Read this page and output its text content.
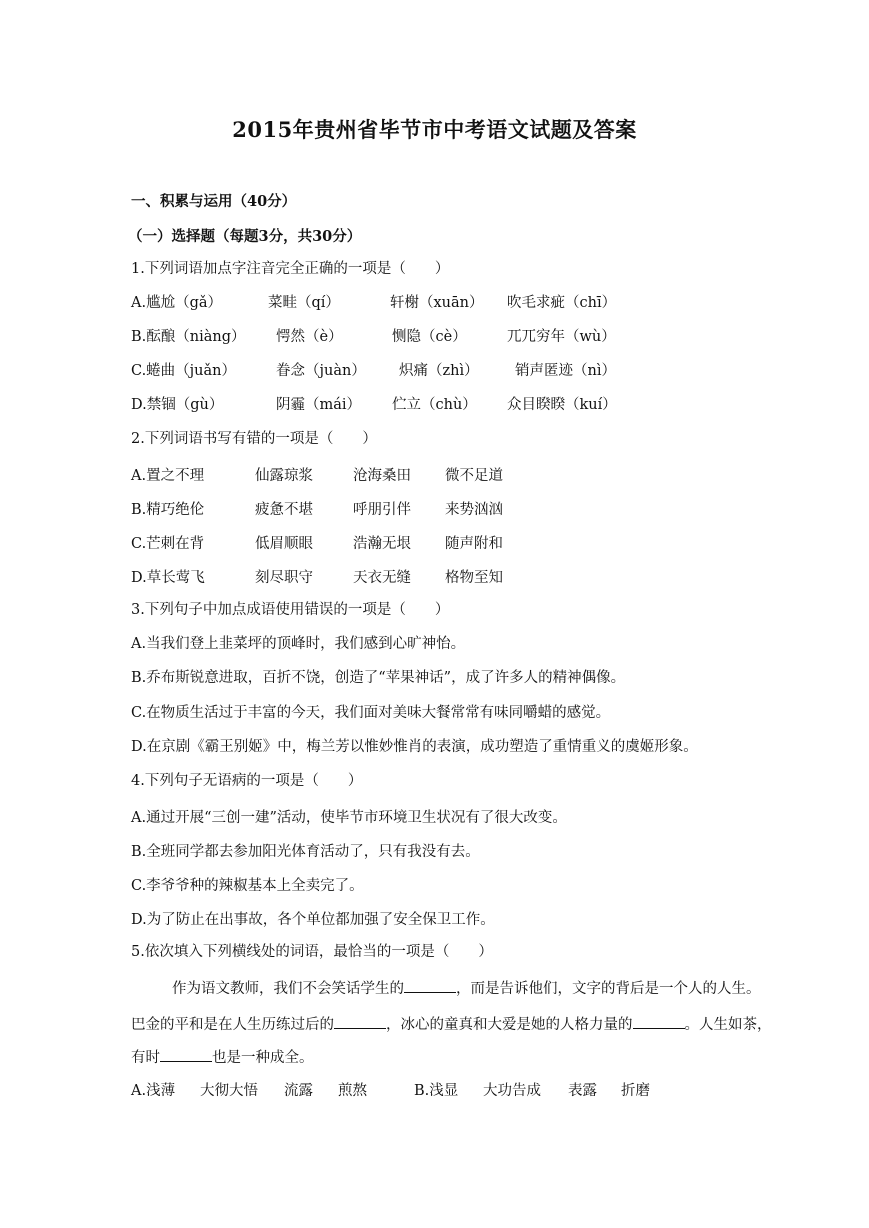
2015年贵州省毕节市中考语文试题及答案
一、积累与运用（40分）
（一）选择题（每题3分，共30分）
1.下列词语加点字注音完全正确的一项是（　　）
A.尴尬（gǎ）	菜畦（qí）	轩榭（xuān） 吹毛求疵（chī）
B.酝酿（niàng） 愕然（è）	恻隐（cè）	兀兀穷年（wù）
C.蜷曲（juǎn）	眷念（juàn） 炽痛（zhì）	销声匿迹（nì）
D.禁锢（gù）	阴霾（mái） 伫立（chù） 众目睽睽（kuí）
2.下列词语书写有错的一项是（　　）
A.置之不理	仙露琼浆	沧海桑田 微不足道
B.精巧绝伦	疲惫不堪	呼朋引伴 来势汹汹
C.芒刺在背	低眉顺眼	浩瀚无垠 随声附和
D.草长莺飞	刻尽职守	天衣无缝 格物至知
3.下列句子中加点成语使用错误的一项是（　　）
A.当我们登上韭菜坪的顶峰时，我们感到心旷神怡。
B.乔布斯锐意进取，百折不饶，创造了“苹果神话”，成了许多人的精神偶像。
C.在物质生活过于丰富的今天，我们面对美味大餐常常有味同嚼蜡的感觉。
D.在京剧《霸王别姬》中，梅兰芳以惟妙惟肖的表演，成功塑造了重情重义的虞姬形象。
4.下列句子无语病的一项是（　　）
A.通过开展“三创一建”活动，使毕节市环境卫生状况有了很大改变。
B.全班同学都去参加阳光体育活动了，只有我没有去。
C.李爷爷种的辣椒基本上全卖完了。
D.为了防止在出事故，各个单位都加强了安全保卫工作。
5.依次填入下列横线处的词语，最恰当的一项是（　　）
作为语文教师，我们不会笑话学生的	，而是告诉他们，文字的背后是一个人的人生。
巴金的平和是在人生历练过后的	，冰心的童真和大爱是她的人格力量的	。人生如茶，
有时	也是一种成全。
A.浅薄 大彻大悟 流露 煎熬	B.浅显 大功告成 表露 折磨
